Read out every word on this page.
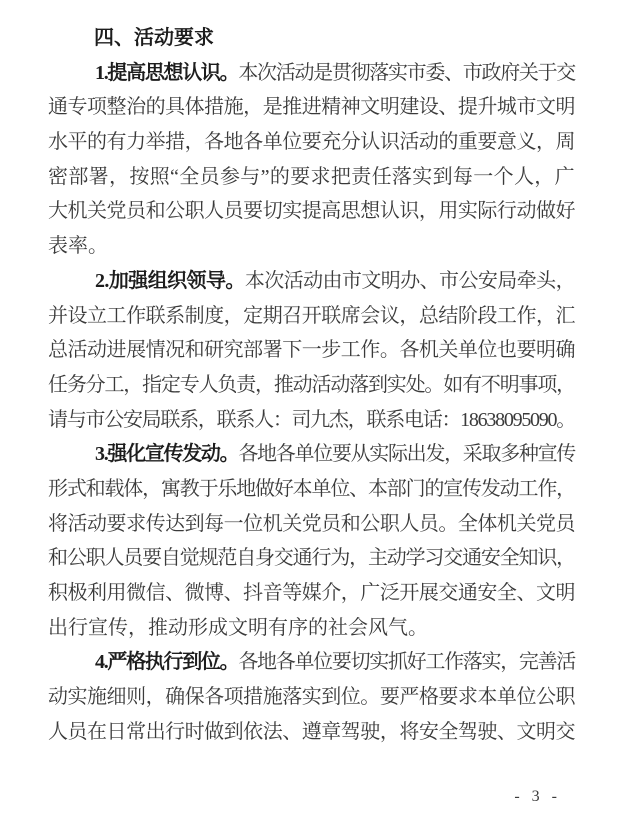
四、活动要求
1.提高思想认识。本次活动是贯彻落实市委、市政府关于交
通专项整治的具体措施，是推进精神文明建设、提升城市文明
水平的有力举措，各地各单位要充分认识活动的重要意义，周
密部署，按照“全员参与”的要求把责任落实到每一个人，广
大机关党员和公职人员要切实提高思想认识，用实际行动做好
表率。
2.加强组织领导。本次活动由市文明办、市公安局牵头，
并设立工作联系制度，定期召开联席会议，总结阶段工作，汇
总活动进展情况和研究部署下一步工作。各机关单位也要明确
任务分工，指定专人负责，推动活动落到实处。如有不明事项，
请与市公安局联系，联系人：司九杰，联系电话：18638095090。
3.强化宣传发动。各地各单位要从实际出发，采取多种宣传
形式和载体，寓教于乐地做好本单位、本部门的宣传发动工作，
将活动要求传达到每一位机关党员和公职人员。全体机关党员
和公职人员要自觉规范自身交通行为，主动学习交通安全知识，
积极利用微信、微博、抖音等媒介，广泛开展交通安全、文明
出行宣传，推动形成文明有序的社会风气。
4.严格执行到位。各地各单位要切实抓好工作落实，完善活
动实施细则，确保各项措施落实到位。要严格要求本单位公职
人员在日常出行时做到依法、遵章驾驶，将安全驾驶、文明交
- 3 -
